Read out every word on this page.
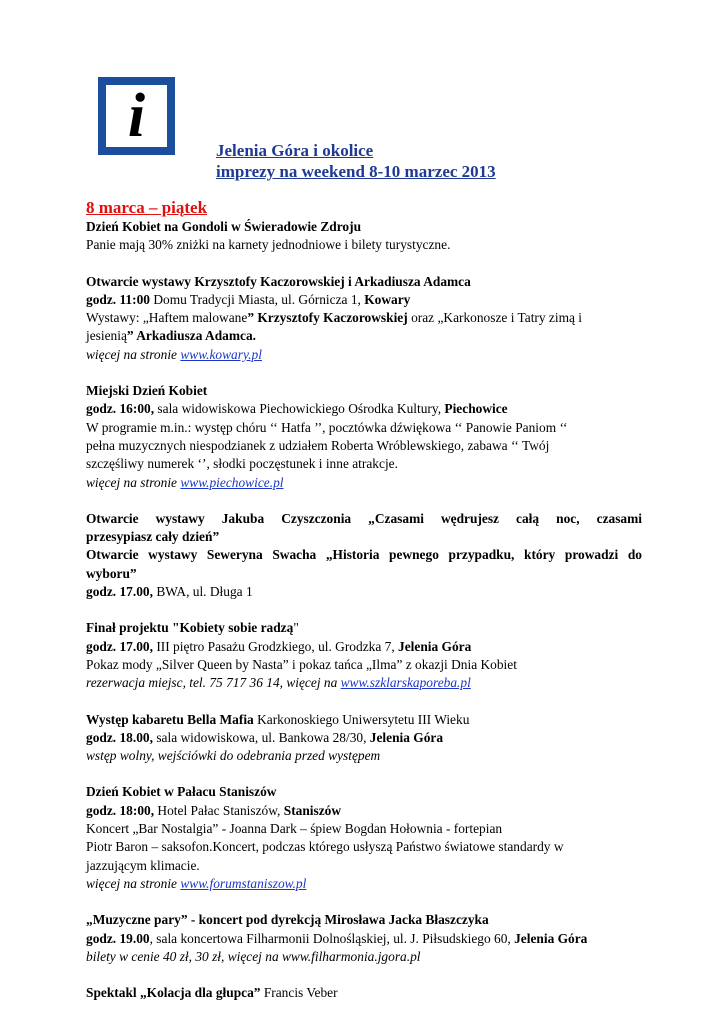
i
Jelenia Góra i okolice
imprezy na weekend 8-10 marzec 2013
8 marca – piątek
Dzień Kobiet na Gondoli w Świeradowie Zdroju
Panie mają 30% zniżki na karnety jednodniowe i bilety turystyczne.
Otwarcie wystawy Krzysztofy Kaczorowskiej i Arkadiusza Adamca
godz. 11:00 Domu Tradycji Miasta, ul. Górnicza 1, Kowary
Wystawy: „Haftem malowane” Krzysztofy Kaczorowskiej oraz „Karkonosze i Tatry zimą i
jesienią” Arkadiusza Adamca.
więcej na stronie www.kowary.pl
Miejski Dzień Kobiet
godz. 16:00, sala widowiskowa Piechowickiego Ośrodka Kultury, Piechowice
W programie m.in.: występ chóru ‘‘ Hatfa ’’, pocztówka dźwiękowa ‘‘ Panowie Paniom ‘‘
pełna muzycznych niespodzianek z udziałem Roberta Wróblewskiego, zabawa ‘‘ Twój
szczęśliwy numerek ‘’, słodki poczęstunek i inne atrakcje.
więcej na stronie www.piechowice.pl
Otwarcie wystawy Jakuba Czyszczonia „Czasami wędrujesz całą noc, czasami
przesypiasz cały dzień”
Otwarcie wystawy Seweryna Swacha „Historia pewnego przypadku, który prowadzi do
wyboru”
godz. 17.00, BWA, ul. Długa 1
Finał projektu "Kobiety sobie radzą"
godz. 17.00, III piętro Pasażu Grodzkiego, ul. Grodzka 7, Jelenia Góra
Pokaz mody „Silver Queen by Nasta” i pokaz tańca „Ilma” z okazji Dnia Kobiet
rezerwacja miejsc, tel. 75 717 36 14, więcej na www.szklarskaporeba.pl
Występ kabaretu Bella Mafia Karkonoskiego Uniwersytetu III Wieku
godz. 18.00, sala widowiskowa, ul. Bankowa 28/30, Jelenia Góra
wstęp wolny, wejściówki do odebrania przed występem
Dzień Kobiet w Pałacu Staniszów
godz. 18:00, Hotel Pałac Staniszów, Staniszów
Koncert „Bar Nostalgia” - Joanna Dark – śpiew Bogdan Hołownia - fortepian
Piotr Baron – saksofon.Koncert, podczas którego usłyszą Państwo światowe standardy w
jazzującym klimacie.
więcej na stronie www.forumstaniszow.pl
„Muzyczne pary” - koncert pod dyrekcją Mirosława Jacka Błaszczyka
godz. 19.00, sala koncertowa Filharmonii Dolnośląskiej, ul. J. Piłsudskiego 60, Jelenia Góra
bilety w cenie 40 zł, 30 zł, więcej na www.filharmonia.jgora.pl
Spektakl „Kolacja dla głupca” Francis Veber
